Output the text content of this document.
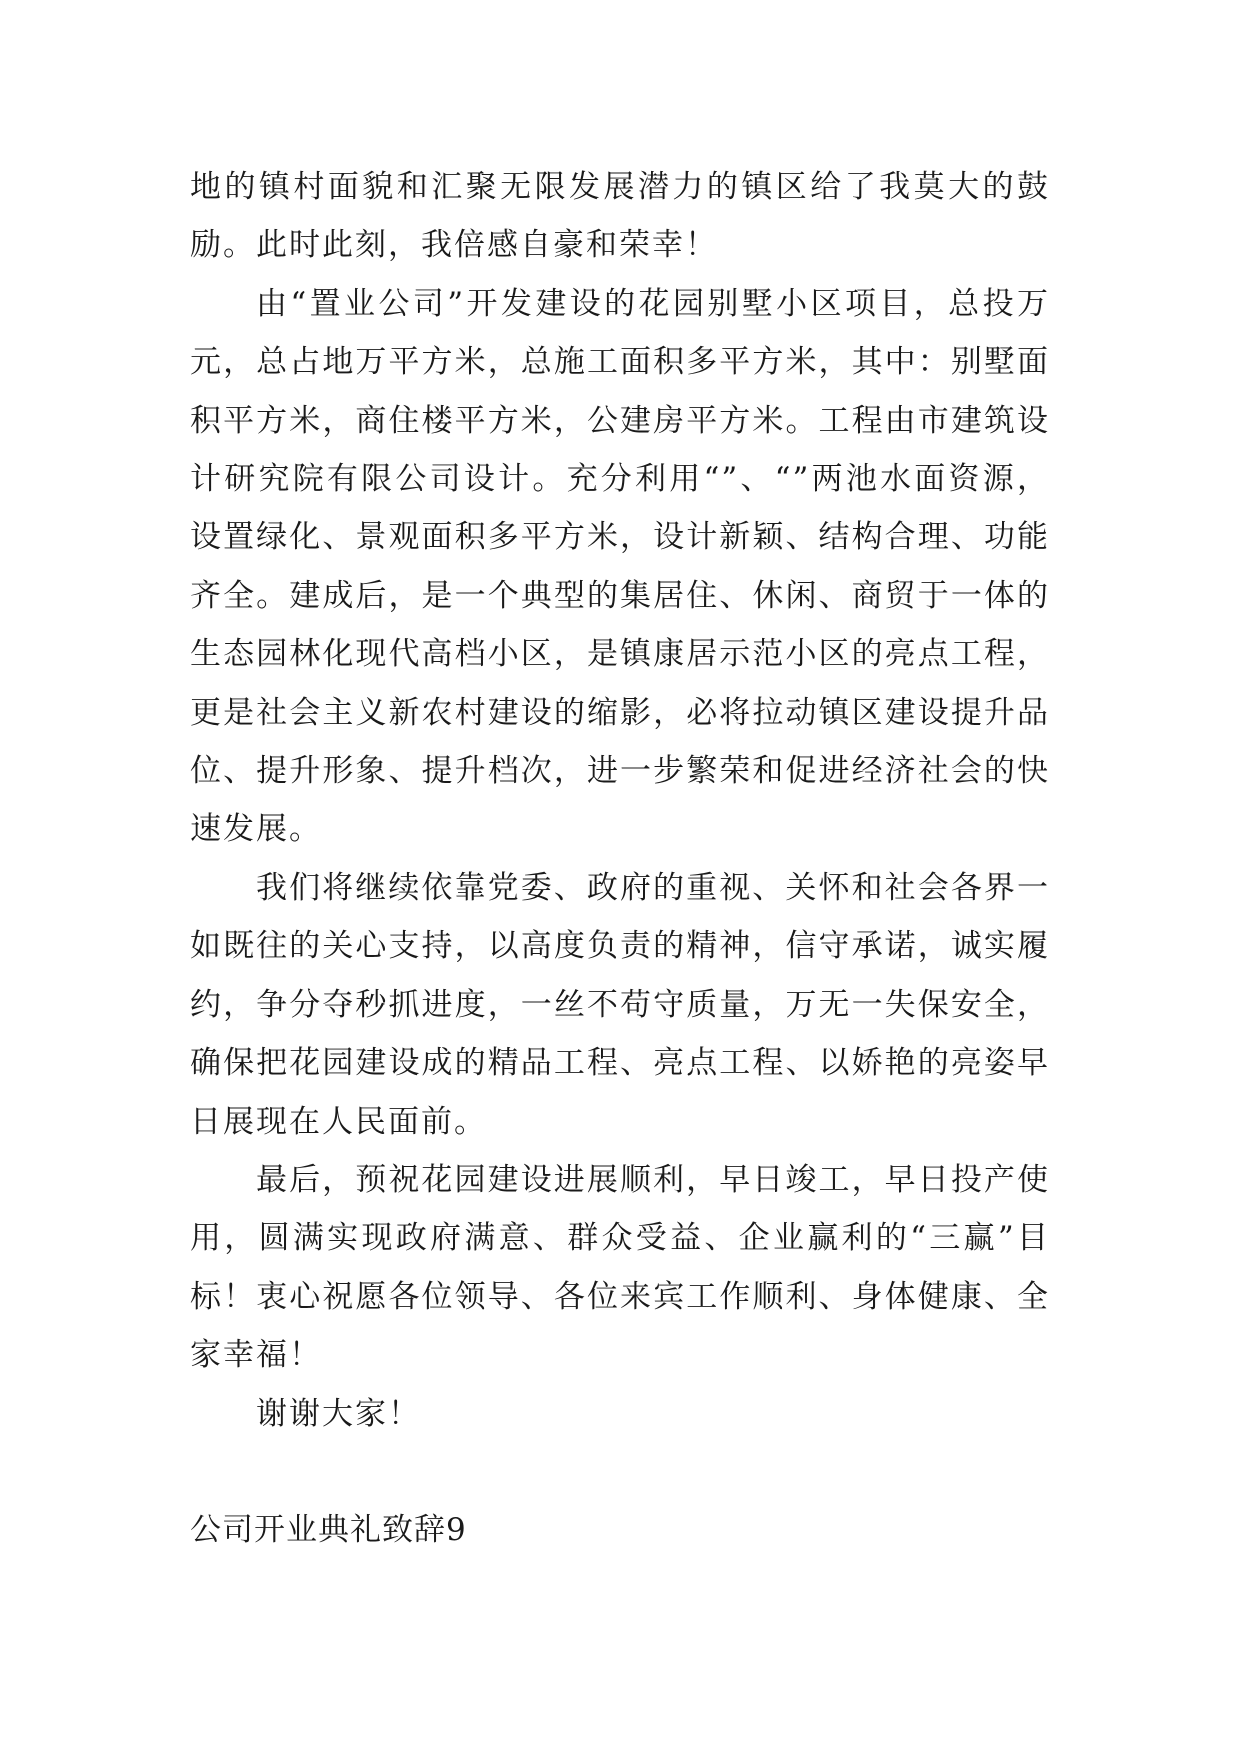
地的镇村面貌和汇聚无限发展潜力的镇区给了我莫大的鼓励。此时此刻，我倍感自豪和荣幸！

由“置业公司”开发建设的花园别墅小区项目，总投万元，总占地万平方米，总施工面积多平方米，其中：别墅面积平方米，商住楼平方米，公建房平方米。工程由市建筑设计研究院有限公司设计。充分利用“”、“”两池水面资源，设置绿化、景观面积多平方米，设计新颖、结构合理、功能齐全。建成后，是一个典型的集居住、休闲、商贸于一体的生态园林化现代高档小区，是镇康居示范小区的亮点工程，更是社会主义新农村建设的缩影，必将拉动镇区建设提升品位、提升形象、提升档次，进一步繁荣和促进经济社会的快速发展。

我们将继续依靠党委、政府的重视、关怀和社会各界一如既往的关心支持，以高度负责的精神，信守承诺，诚实履约，争分夺秒抓进度，一丝不苟守质量，万无一失保安全，确保把花园建设成的精品工程、亮点工程、以娇艳的亮姿早日展现在人民面前。

最后，预祝花园建设进展顺利，早日竣工，早日投产使用，圆满实现政府满意、群众受益、企业赢利的“三赢”目标！衷心祝愿各位领导、各位来宾工作顺利、身体健康、全家幸福！

谢谢大家！

公司开业典礼致辞9
